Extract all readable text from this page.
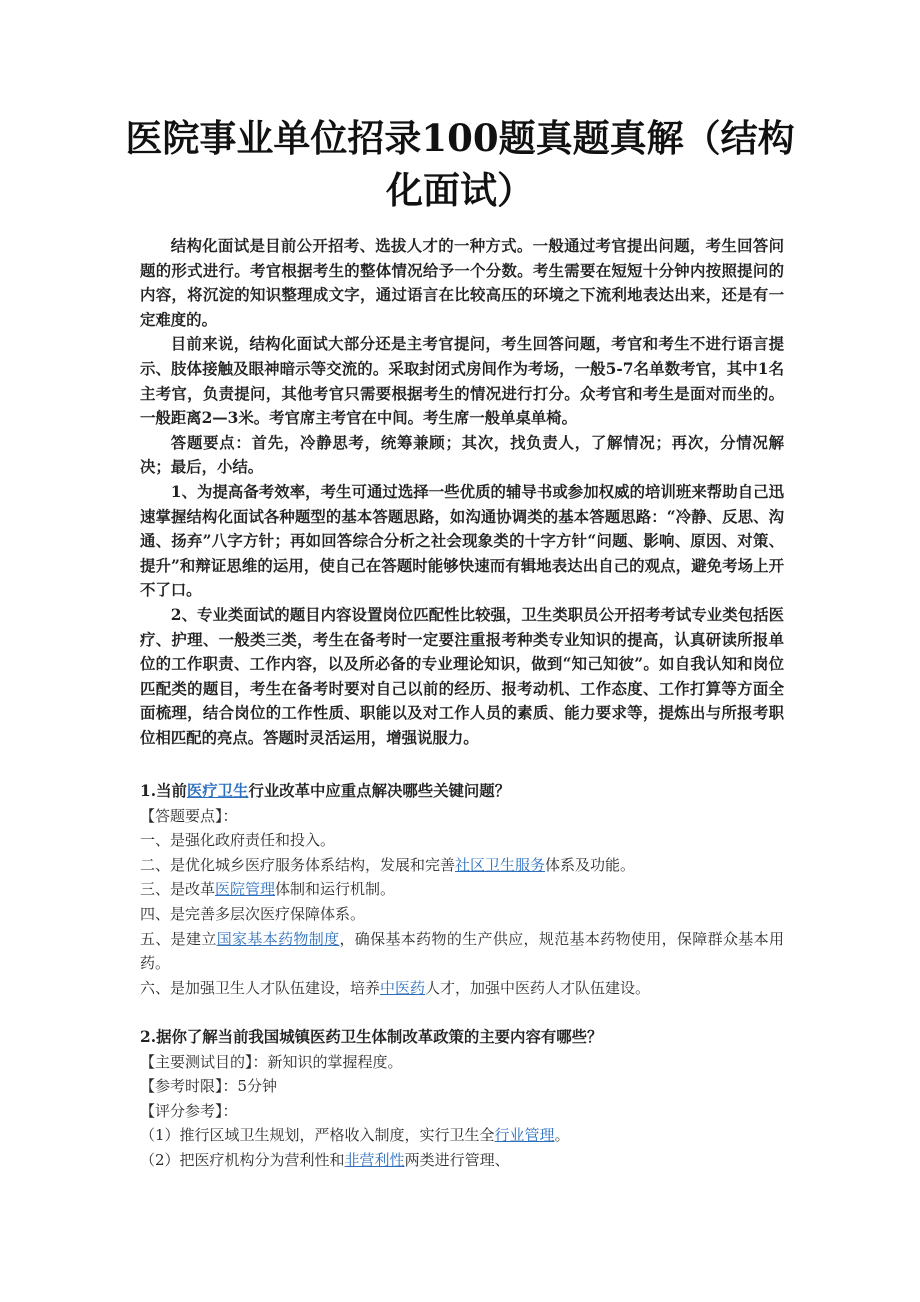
医院事业单位招录100题真题真解（结构化面试）

结构化面试是目前公开招考、选拔人才的一种方式。一般通过考官提出问题，考生回答问题的形式进行。考官根据考生的整体情况给予一个分数。考生需要在短短十分钟内按照提问的内容，将沉淀的知识整理成文字，通过语言在比较高压的环境之下流利地表达出来，还是有一定难度的。

目前来说，结构化面试大部分还是主考官提问，考生回答问题，考官和考生不进行语言提示、肢体接触及眼神暗示等交流的。采取封闭式房间作为考场，一般5-7名单数考官，其中1名主考官，负责提问，其他考官只需要根据考生的情况进行打分。众考官和考生是面对而坐的。一般距离2—3米。考官席主考官在中间。考生席一般单桌单椅。

答题要点：首先，冷静思考，统筹兼顾；其次，找负责人，了解情况；再次，分情况解决；最后，小结。

1、为提高备考效率，考生可通过选择一些优质的辅导书或参加权威的培训班来帮助自己迅速掌握结构化面试各种题型的基本答题思路，如沟通协调类的基本答题思路：“冷静、反思、沟通、扬弃”八字方针；再如回答综合分析之社会现象类的十字方针“问题、影响、原因、对策、提升”和辩证思维的运用，使自己在答题时能够快速而有辑地表达出自己的观点，避免考场上开不了口。

2、专业类面试的题目内容设置岗位匹配性比较强，卫生类职员公开招考考试专业类包括医疗、护理、一般类三类，考生在备考时一定要注重报考种类专业知识的提高，认真研读所报单位的工作职责、工作内容，以及所必备的专业理论知识，做到“知己知彼”。如自我认知和岗位匹配类的题目，考生在备考时要对自己以前的经历、报考动机、工作态度、工作打算等方面全面梳理，结合岗位的工作性质、职能以及对工作人员的素质、能力要求等，提炼出与所报考职位相匹配的亮点。答题时灵活运用，增强说服力。

1.当前医疗卫生行业改革中应重点解决哪些关键问题？

【答题要点】：

一、是强化政府责任和投入。

二、是优化城乡医疗服务体系结构，发展和完善社区卫生服务体系及功能。

三、是改革医院管理体制和运行机制。

四、是完善多层次医疗保障体系。

五、是建立国家基本药物制度，确保基本药物的生产供应，规范基本药物使用，保障群众基本用药。

六、是加强卫生人才队伍建设，培养中医药人才，加强中医药人才队伍建设。

2.据你了解当前我国城镇医药卫生体制改革政策的主要内容有哪些？

【主要测试目的】：新知识的掌握程度。

【参考时限】：5分钟

【评分参考】：

（1）推行区域卫生规划，严格收入制度，实行卫生全行业管理。

（2）把医疗机构分为营利性和非营利性两类进行管理、
